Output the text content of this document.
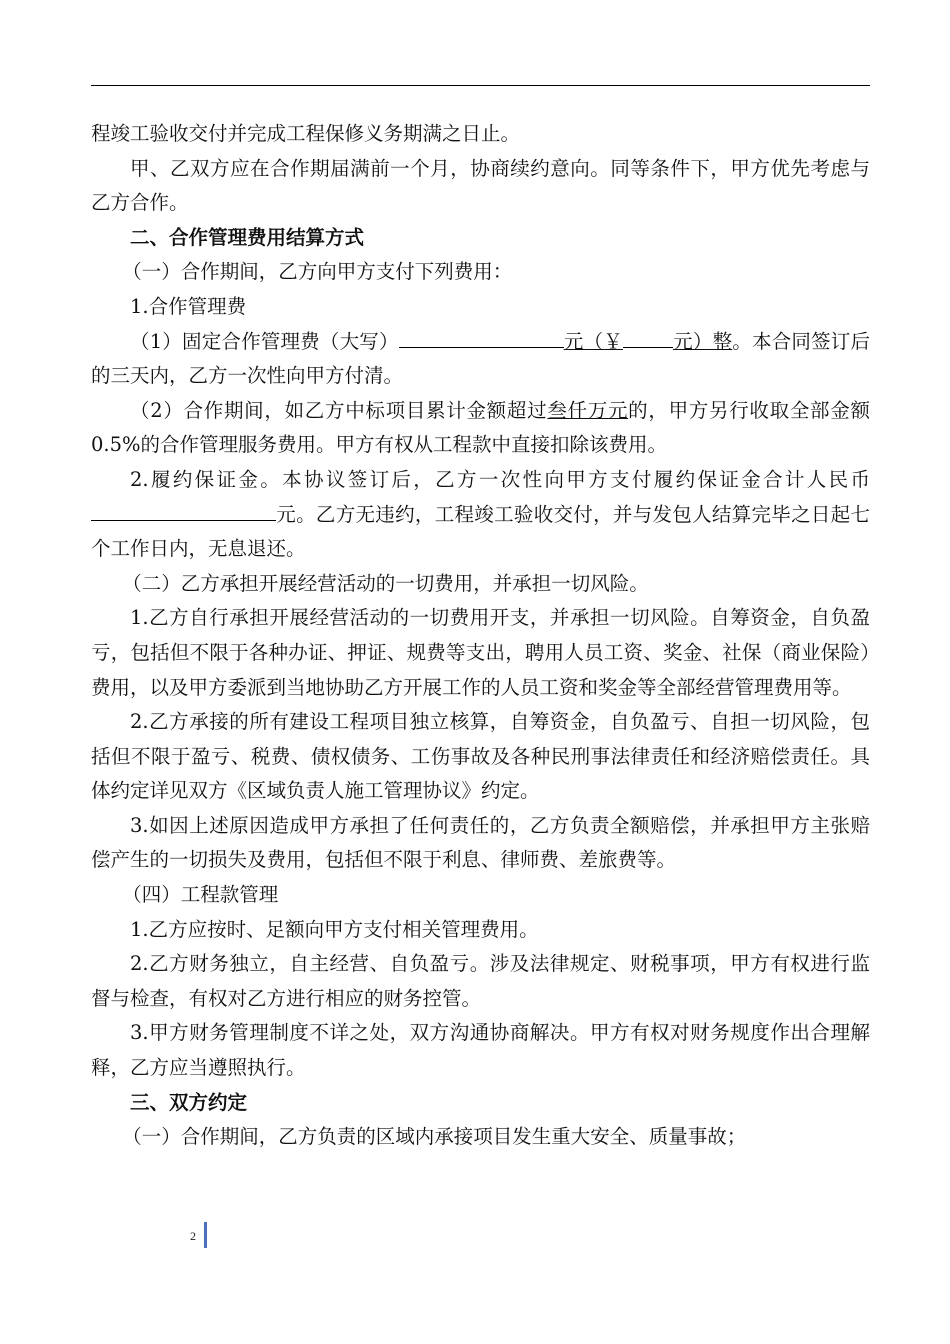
程竣工验收交付并完成工程保修义务期满之日止。

甲、乙双方应在合作期届满前一个月，协商续约意向。同等条件下，甲方优先考虑与乙方合作。

二、合作管理费用结算方式

（一）合作期间，乙方向甲方支付下列费用：

1.合作管理费

（1）固定合作管理费（大写）	元（￥	元）整。本合同签订后的三天内，乙方一次性向甲方付清。

（2）合作期间，如乙方中标项目累计金额超过叁仟万元的，甲方另行收取全部金额0.5%的合作管理服务费用。甲方有权从工程款中直接扣除该费用。

2.履约保证金。本协议签订后，乙方一次性向甲方支付履约保证金合计人民币元。乙方无违约，工程竣工验收交付，并与发包人结算完毕之日起七个工作日内，无息退还。

（二）乙方承担开展经营活动的一切费用，并承担一切风险。

1.乙方自行承担开展经营活动的一切费用开支，并承担一切风险。自筹资金，自负盈亏，包括但不限于各种办证、押证、规费等支出，聘用人员工资、奖金、社保（商业保险）费用，以及甲方委派到当地协助乙方开展工作的人员工资和奖金等全部经营管理费用等。

2.乙方承接的所有建设工程项目独立核算，自筹资金，自负盈亏、自担一切风险，包括但不限于盈亏、税费、债权债务、工伤事故及各种民刑事法律责任和经济赔偿责任。具体约定详见双方《区域负责人施工管理协议》约定。

3.如因上述原因造成甲方承担了任何责任的，乙方负责全额赔偿，并承担甲方主张赔偿产生的一切损失及费用，包括但不限于利息、律师费、差旅费等。

（四）工程款管理

1.乙方应按时、足额向甲方支付相关管理费用。

2.乙方财务独立，自主经营、自负盈亏。涉及法律规定、财税事项，甲方有权进行监督与检查，有权对乙方进行相应的财务控管。

3.甲方财务管理制度不详之处，双方沟通协商解决。甲方有权对财务规度作出合理解释，乙方应当遵照执行。

三、双方约定

（一）合作期间，乙方负责的区域内承接项目发生重大安全、质量事故；

2
